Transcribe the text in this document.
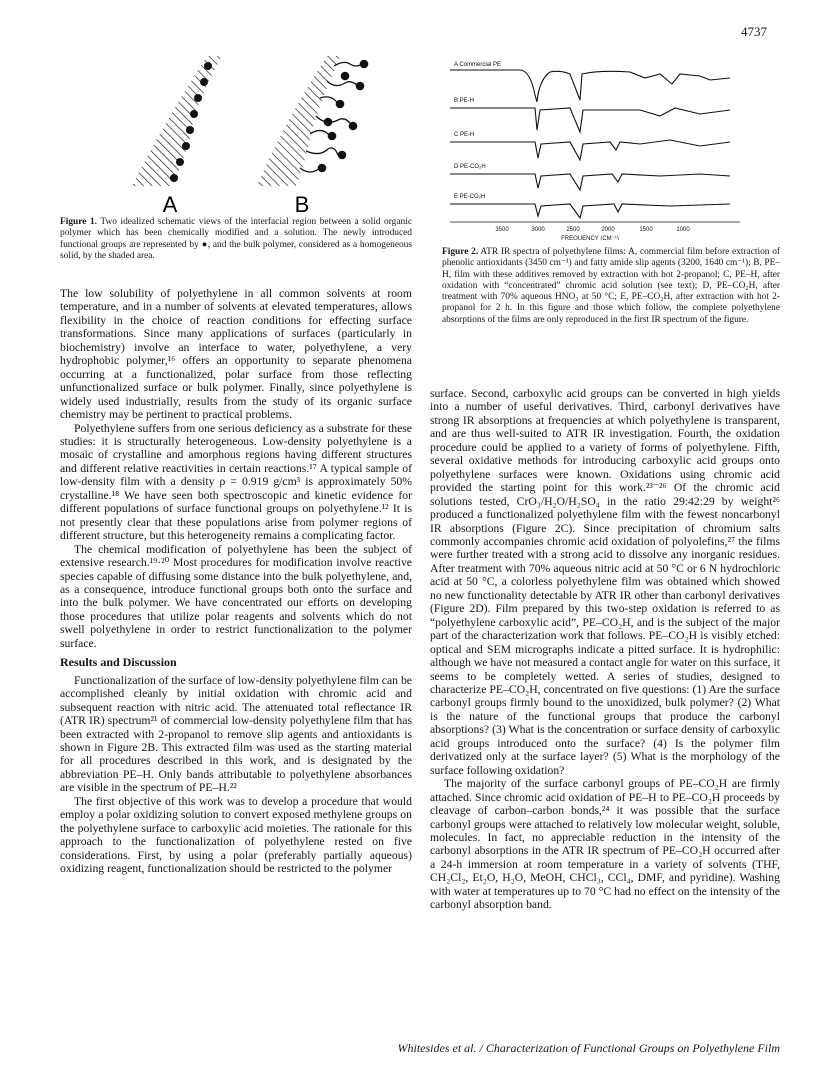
4737
A	B
Figure 1. Two idealized schematic views of the interfacial region between a solid organic polymer which has been chemically modified and a solution. The newly introduced functional groups are represented by ●, and the bulk polymer, considered as a homogeneous solid, by the shaded area.
A Commercial PE
B PE-H
C PE-H
D PE-CO₂H
E PE-CO₂H
3500	3000	2500	2000	1500	1000
FREQUENCY (CM⁻¹)
Figure 2. ATR IR spectra of polyethylene films: A, commercial film before extraction of phenolic antioxidants (3450 cm⁻¹) and fatty amide slip agents (3200, 1640 cm⁻¹); B, PE–H, film with these additives removed by extraction with hot 2-propanol; C, PE–H, after oxidation with “concentrated” chromic acid solution (see text); D, PE–CO₂H, after treatment with 70% aqueous HNO₃ at 50 °C; E, PE–CO₂H, after extraction with hot 2-propanol for 2 h. In this figure and those which follow, the complete polyethylene absorptions of the films are only reproduced in the first IR spectrum of the figure.

The low solubility of polyethylene in all common solvents at room temperature, and in a number of solvents at elevated temperatures, allows flexibility in the choice of reaction conditions for effecting surface transformations. Since many applications of surfaces (particularly in biochemistry) involve an interface to water, polyethylene, a very hydrophobic polymer,¹⁶ offers an opportunity to separate phenomena occurring at a functionalized, polar surface from those reflecting unfunctionalized surface or bulk polymer. Finally, since polyethylene is widely used industrially, results from the study of its organic surface chemistry may be pertinent to practical problems.

Polyethylene suffers from one serious deficiency as a substrate for these studies: it is structurally heterogeneous. Low-density polyethylene is a mosaic of crystalline and amorphous regions having different structures and different relative reactivities in certain reactions.¹⁷ A typical sample of low-density film with a density ρ = 0.919 g/cm³ is approximately 50% crystalline.¹⁸ We have seen both spectroscopic and kinetic evidence for different populations of surface functional groups on polyethylene.¹² It is not presently clear that these populations arise from polymer regions of different structure, but this heterogeneity remains a complicating factor.

The chemical modification of polyethylene has been the subject of extensive research.¹⁹·²⁰ Most procedures for modification involve reactive species capable of diffusing some distance into the bulk polyethylene, and, as a consequence, introduce functional groups both onto the surface and into the bulk polymer. We have concentrated our efforts on developing those procedures that utilize polar reagents and solvents which do not swell polyethylene in order to restrict functionalization to the polymer surface.

Results and Discussion

Functionalization of the surface of low-density polyethylene film can be accomplished cleanly by initial oxidation with chromic acid and subsequent reaction with nitric acid. The attenuated total reflectance IR (ATR IR) spectrum²¹ of commercial low-density polyethylene film that has been extracted with 2-propanol to remove slip agents and antioxidants is shown in Figure 2B. This extracted film was used as the starting material for all procedures described in this work, and is designated by the abbreviation PE–H. Only bands attributable to polyethylene absorbances are visible in the spectrum of PE–H.²²

The first objective of this work was to develop a procedure that would employ a polar oxidizing solution to convert exposed methylene groups on the polyethylene surface to carboxylic acid moieties. The rationale for this approach to the functionalization of polyethylene rested on five considerations. First, by using a polar (preferably partially aqueous) oxidizing reagent, functionalization should be restricted to the polymer

surface. Second, carboxylic acid groups can be converted in high yields into a number of useful derivatives. Third, carbonyl derivatives have strong IR absorptions at frequencies at which polyethylene is transparent, and are thus well-suited to ATR IR investigation. Fourth, the oxidation procedure could be applied to a variety of forms of polyethylene. Fifth, several oxidative methods for introducing carboxylic acid groups onto polyethylene surfaces were known. Oxidations using chromic acid provided the starting point for this work.²³⁻²⁶ Of the chromic acid solutions tested, CrO₃/H₂O/H₂SO₄ in the ratio 29:42:29 by weight²⁶ produced a functionalized polyethylene film with the fewest noncarbonyl IR absorptions (Figure 2C). Since precipitation of chromium salts commonly accompanies chromic acid oxidation of polyolefins,²⁷ the films were further treated with a strong acid to dissolve any inorganic residues. After treatment with 70% aqueous nitric acid at 50 °C or 6 N hydrochloric acid at 50 °C, a colorless polyethylene film was obtained which showed no new functionality detectable by ATR IR other than carbonyl derivatives (Figure 2D). Film prepared by this two-step oxidation is referred to as “polyethylene carboxylic acid”, PE–CO₂H, and is the subject of the major part of the characterization work that follows. PE–CO₂H is visibly etched: optical and SEM micrographs indicate a pitted surface. It is hydrophilic: although we have not measured a contact angle for water on this surface, it seems to be completely wetted. A series of studies, designed to characterize PE–CO₂H, concentrated on five questions: (1) Are the surface carbonyl groups firmly bound to the unoxidized, bulk polymer? (2) What is the nature of the functional groups that produce the carbonyl absorptions? (3) What is the concentration or surface density of carboxylic acid groups introduced onto the surface? (4) Is the polymer film derivatized only at the surface layer? (5) What is the morphology of the surface following oxidation?

The majority of the surface carbonyl groups of PE–CO₂H are firmly attached. Since chromic acid oxidation of PE–H to PE–CO₂H proceeds by cleavage of carbon–carbon bonds,²⁴ it was possible that the surface carbonyl groups were attached to relatively low molecular weight, soluble, molecules. In fact, no appreciable reduction in the intensity of the carbonyl absorptions in the ATR IR spectrum of PE–CO₂H occurred after a 24-h immersion at room temperature in a variety of solvents (THF, CH₂Cl₂, Et₂O, H₂O, MeOH, CHCl₃, CCl₄, DMF, and pyridine). Washing with water at temperatures up to 70 °C had no effect on the intensity of the carbonyl absorption band.

Whitesides et al. / Characterization of Functional Groups on Polyethylene Film
